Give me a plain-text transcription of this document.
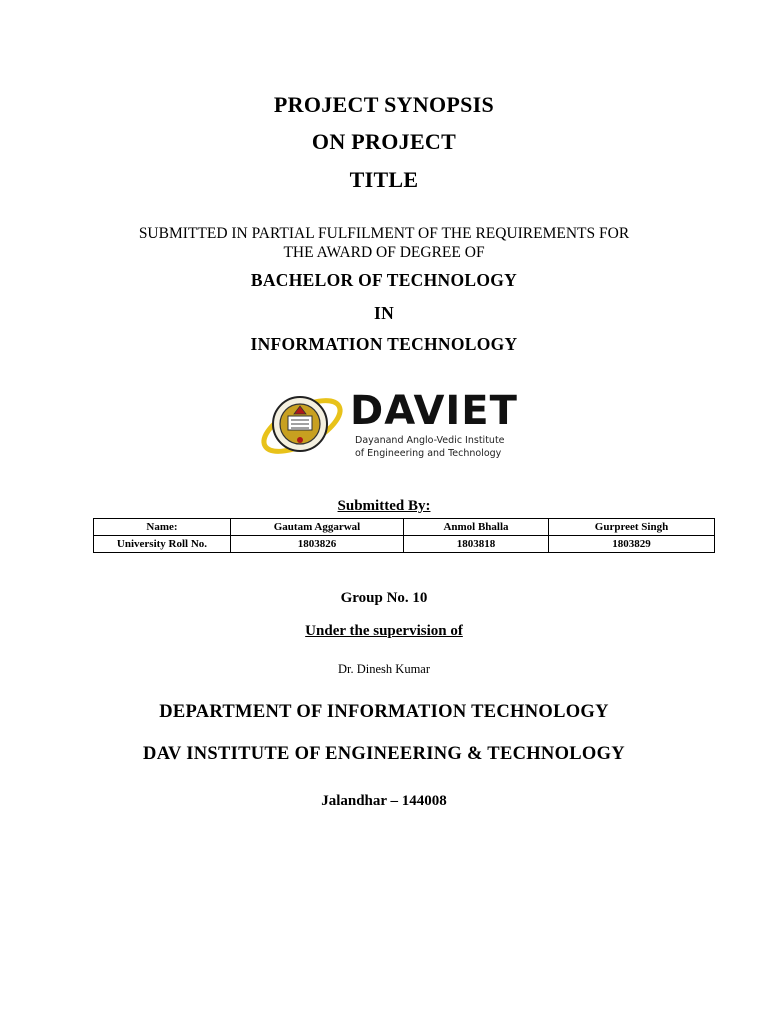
PROJECT SYNOPSIS
ON PROJECT
TITLE
SUBMITTED IN PARTIAL FULFILMENT OF THE REQUIREMENTS FOR
THE AWARD OF DEGREE OF
BACHELOR OF TECHNOLOGY
IN
INFORMATION TECHNOLOGY
DAVIET
Dayanand Anglo-Vedic Institute
of Engineering and Technology
Submitted By:
Name:	Gautam Aggarwal	Anmol Bhalla	Gurpreet Singh
University Roll No.	1803826	1803818	1803829
Group No. 10
Under the supervision of
Dr. Dinesh Kumar
DEPARTMENT OF INFORMATION TECHNOLOGY
DAV INSTITUTE OF ENGINEERING & TECHNOLOGY
Jalandhar – 144008
